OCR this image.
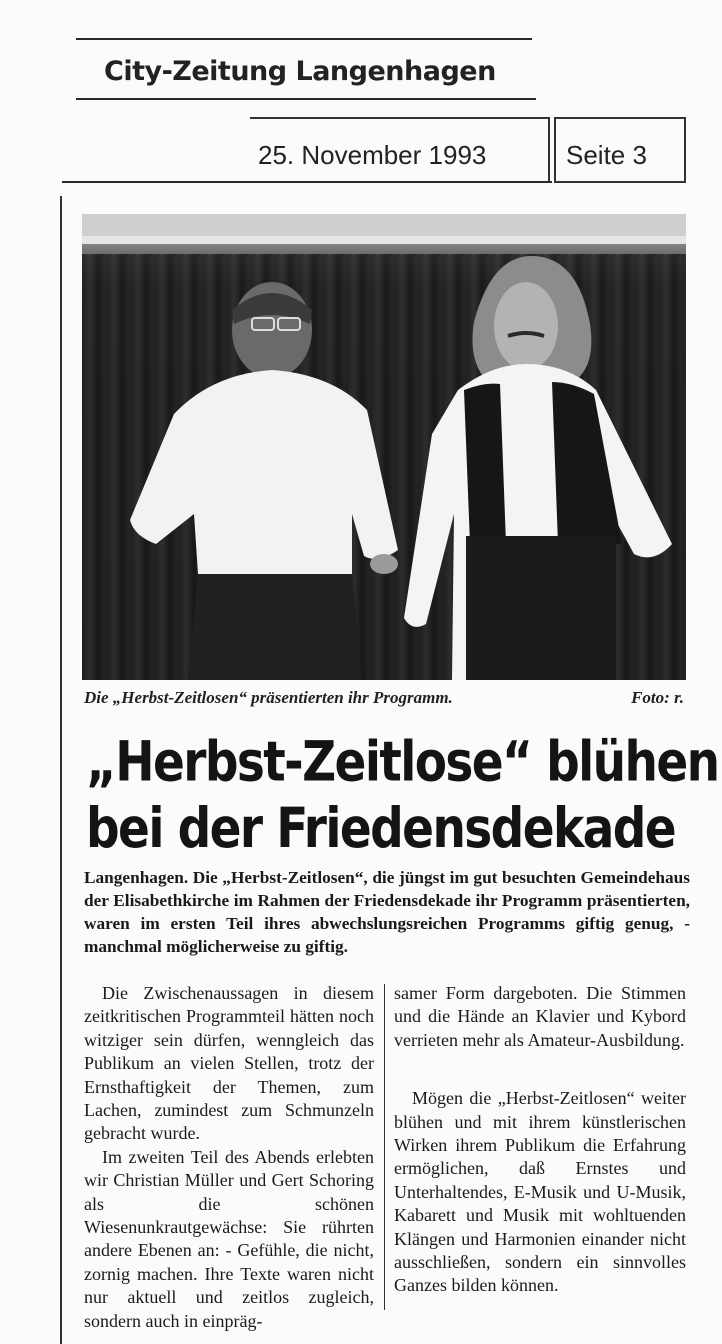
City-Zeitung Langenhagen
25. November 1993	Seite 3
Die „Herbst-Zeitlosen“ präsentierten ihr Programm.	Foto: r.
„Herbst-Zeitlose“ blühen
bei der Friedensdekade
Langenhagen. Die „Herbst-Zeitlosen“, die jüngst im gut besuchten Gemeindehaus der Elisabethkirche im Rahmen der Friedensdekade ihr Programm präsentierten, waren im ersten Teil ihres abwechslungsreichen Programms giftig genug, - manchmal möglicherweise zu giftig.

Die Zwischenaussagen in diesem zeitkritischen Programmteil hätten noch witziger sein dürfen, wenngleich das Publikum an vielen Stellen, trotz der Ernsthaftigkeit der Themen, zum Lachen, zumindest zum Schmunzeln gebracht wurde.

Im zweiten Teil des Abends erlebten wir Christian Müller und Gert Schoring als die schönen Wiesenunkrautgewächse: Sie rührten andere Ebenen an: - Gefühle, die nicht, zornig machen. Ihre Texte waren nicht nur aktuell und zeitlos zugleich, sondern auch in einpräg-

samer Form dargeboten. Die Stimmen und die Hände an Klavier und Kybord verrieten mehr als Amateur-Ausbildung.

Mögen die „Herbst-Zeitlosen“ weiter blühen und mit ihrem künstlerischen Wirken ihrem Publikum die Erfahrung ermöglichen, daß Ernstes und Unterhaltendes, E-Musik und U-Musik, Kabarett und Musik mit wohltuenden Klängen und Harmonien einander nicht ausschließen, sondern ein sinnvolles Ganzes bilden können.
